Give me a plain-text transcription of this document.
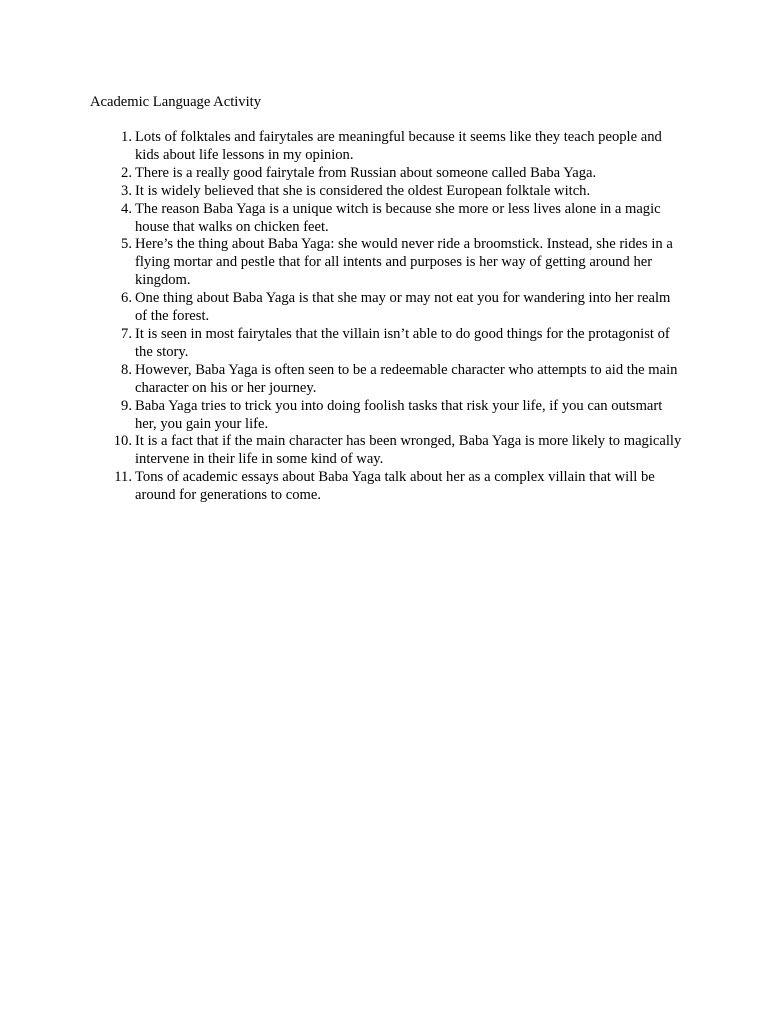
Academic Language Activity
1. Lots of folktales and fairytales are meaningful because it seems like they teach people and kids about life lessons in my opinion.
2. There is a really good fairytale from Russian about someone called Baba Yaga.
3. It is widely believed that she is considered the oldest European folktale witch.
4. The reason Baba Yaga is a unique witch is because she more or less lives alone in a magic house that walks on chicken feet.
5. Here’s the thing about Baba Yaga: she would never ride a broomstick. Instead, she rides in a flying mortar and pestle that for all intents and purposes is her way of getting around her kingdom.
6. One thing about Baba Yaga is that she may or may not eat you for wandering into her realm of the forest.
7. It is seen in most fairytales that the villain isn’t able to do good things for the protagonist of the story.
8. However, Baba Yaga is often seen to be a redeemable character who attempts to aid the main character on his or her journey.
9. Baba Yaga tries to trick you into doing foolish tasks that risk your life, if you can outsmart her, you gain your life.
10. It is a fact that if the main character has been wronged, Baba Yaga is more likely to magically intervene in their life in some kind of way.
11. Tons of academic essays about Baba Yaga talk about her as a complex villain that will be around for generations to come.
